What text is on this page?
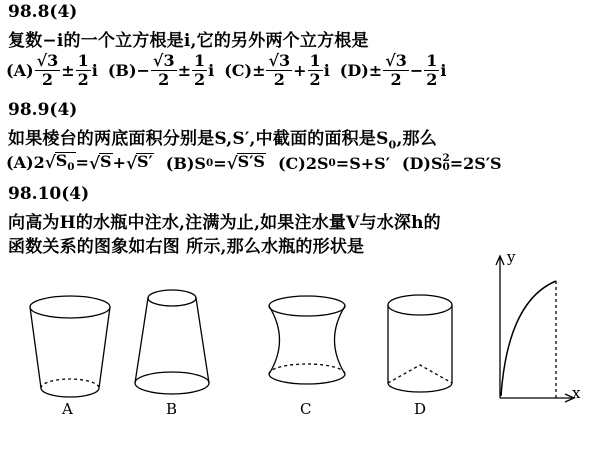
98.8(4)
复数−i的一个立方根是i,它的另外两个立方根是
$(A) \frac{√3}{2} \pm \frac{1}{2}$ i $(B) - \frac{√3}{2} \pm \frac{1}{2}$ i $(C) \pm \frac{√3}{2} + \frac{1}{2}$ i $(D) \pm \frac{√3}{2} - \frac{1}{2}$ i
98.9(4)
如果棱台的两底面积分别是S,S′,中截面的面积是$S_0$,那么
(A) 2 √ $S_0$ = √ S + √ S′ (B) S 0 = √ S′S (C) 2S 0 =S+S′ (D) S 2
0 =2S′S
98.10(4)
向高为H的水瓶中注水,注满为止,如果注水量V与水深h的
函数关系的图象如右图 所示,那么水瓶的形状是
A	B	C	D
y
x
